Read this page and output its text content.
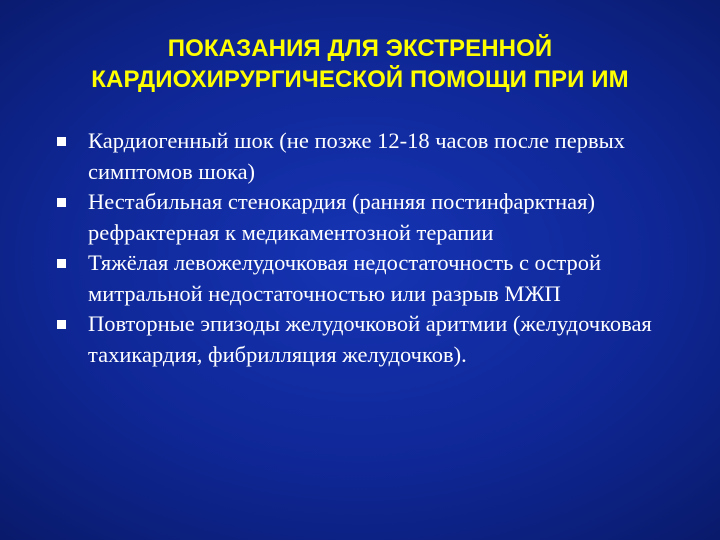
ПОКАЗАНИЯ ДЛЯ ЭКСТРЕННОЙ
КАРДИОХИРУРГИЧЕСКОЙ ПОМОЩИ ПРИ ИМ
Кардиогенный шок (не позже 12-18 часов после первых симптомов шока)
Нестабильная стенокардия (ранняя постинфарктная) рефрактерная к медикаментозной терапии
Тяжёлая левожелудочковая недостаточность с острой митральной недостаточностью или разрыв МЖП
Повторные эпизоды желудочковой аритмии (желудочковая тахикардия, фибрилляция желудочков).
